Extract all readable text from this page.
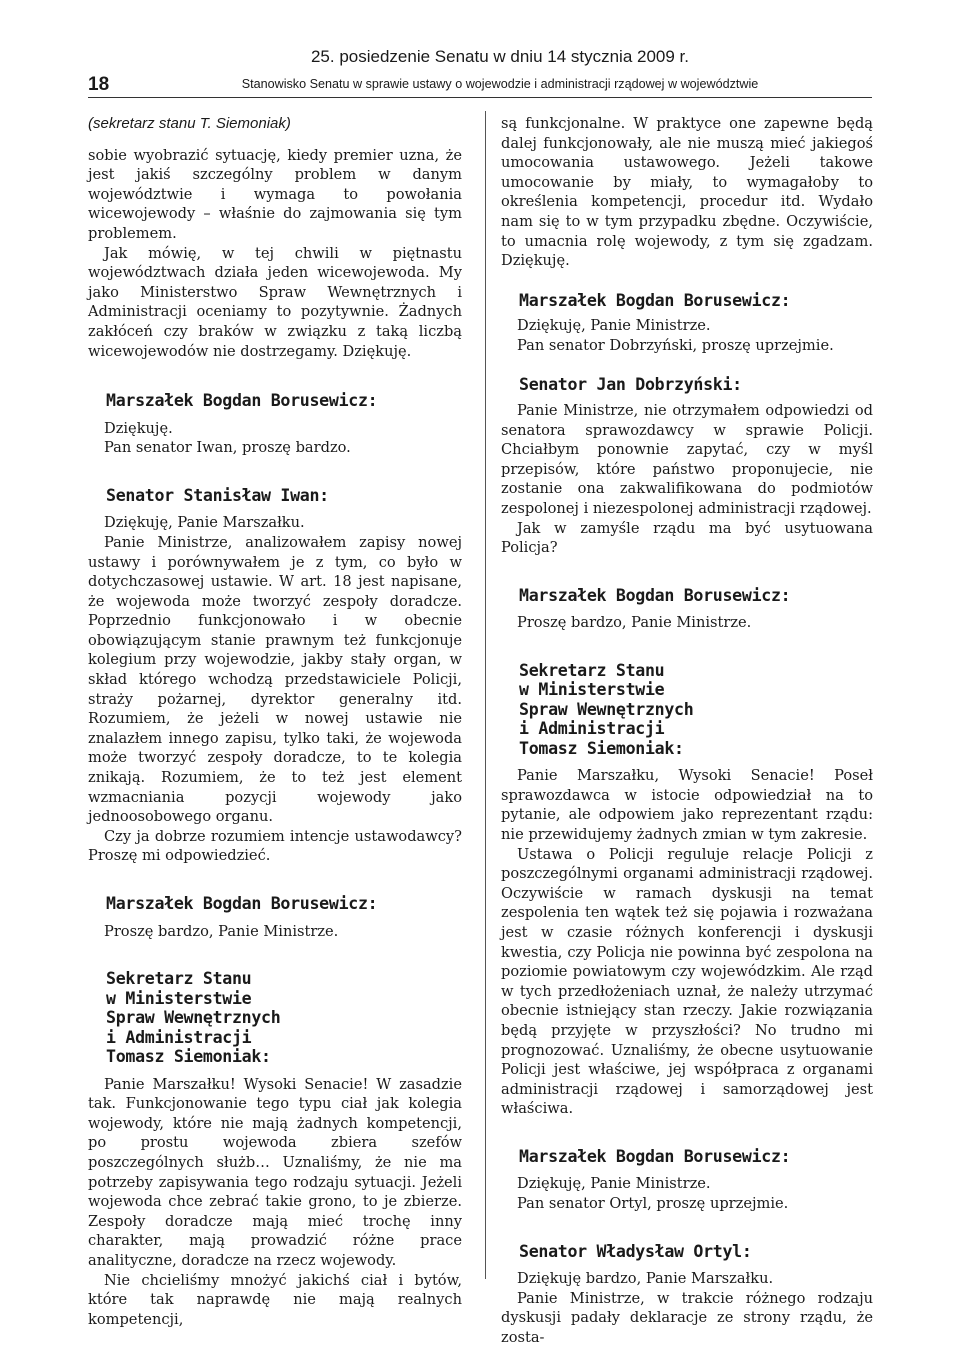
18
25. posiedzenie Senatu w dniu 14 stycznia 2009 r.
Stanowisko Senatu w sprawie ustawy o wojewodzie i administracji rządowej w województwie

(sekretarz stanu T. Siemoniak)

sobie wyobrazić sytuację, kiedy premier uzna, że jest jakiś szczególny problem w danym województwie i wymaga to powołania wicewojewody – właśnie do zajmowania się tym problemem.

Jak mówię, w tej chwili w piętnastu województwach działa jeden wicewojewoda. My jako Ministerstwo Spraw Wewnętrznych i Administracji oceniamy to pozytywnie. Żadnych zakłóceń czy braków w związku z taką liczbą wicewojewodów nie dostrzegamy. Dziękuję.

Marszałek Bogdan Borusewicz:

Dziękuję.

Pan senator Iwan, proszę bardzo.

Senator Stanisław Iwan:

Dziękuję, Panie Marszałku.

Panie Ministrze, analizowałem zapisy nowej ustawy i porównywałem je z tym, co było w dotychczasowej ustawie. W art. 18 jest napisane, że wojewoda może tworzyć zespoły doradcze. Poprzednio funkcjonowało i w obecnie obowiązującym stanie prawnym też funkcjonuje kolegium przy wojewodzie, jakby stały organ, w skład którego wchodzą przedstawiciele Policji, straży pożarnej, dyrektor generalny itd. Rozumiem, że jeżeli w nowej ustawie nie znalazłem innego zapisu, tylko taki, że wojewoda może tworzyć zespoły doradcze, to te kolegia znikają. Rozumiem, że to też jest element wzmacniania pozycji wojewody jako jednoosobowego organu.

Czy ja dobrze rozumiem intencje ustawodawcy? Proszę mi odpowiedzieć.

Marszałek Bogdan Borusewicz:

Proszę bardzo, Panie Ministrze.

Sekretarz Stanu

w Ministerstwie

Spraw Wewnętrznych

i Administracji

Tomasz Siemoniak:

Panie Marszałku! Wysoki Senacie! W zasadzie tak. Funkcjonowanie tego typu ciał jak kolegia wojewody, które nie mają żadnych kompetencji, po prostu wojewoda zbiera szefów poszczególnych służb… Uznaliśmy, że nie ma potrzeby zapisywania tego rodzaju sytuacji. Jeżeli wojewoda chce zebrać takie grono, to je zbierze. Zespoły doradcze mają mieć trochę inny charakter, mają prowadzić różne prace analityczne, doradcze na rzecz wojewody.

Nie chcieliśmy mnożyć jakichś ciał i bytów, które tak naprawdę nie mają realnych kompetencji,

są funkcjonalne. W praktyce one zapewne będą dalej funkcjonowały, ale nie muszą mieć jakiegoś umocowania ustawowego. Jeżeli takowe umocowanie by miały, to wymagałoby to określenia kompetencji, procedur itd. Wydało nam się to w tym przypadku zbędne. Oczywiście, to umacnia rolę wojewody, z tym się zgadzam. Dziękuję.

Marszałek Bogdan Borusewicz:

Dziękuję, Panie Ministrze.

Pan senator Dobrzyński, proszę uprzejmie.

Senator Jan Dobrzyński:

Panie Ministrze, nie otrzymałem odpowiedzi od senatora sprawozdawcy w sprawie Policji. Chciałbym ponownie zapytać, czy w myśl przepisów, które państwo proponujecie, nie zostanie ona zakwalifikowana do podmiotów zespolonej i niezespolonej administracji rządowej.

Jak w zamyśle rządu ma być usytuowana Policja?

Marszałek Bogdan Borusewicz:

Proszę bardzo, Panie Ministrze.

Sekretarz Stanu

w Ministerstwie

Spraw Wewnętrznych

i Administracji

Tomasz Siemoniak:

Panie Marszałku, Wysoki Senacie! Poseł sprawozdawca w istocie odpowiedział na to pytanie, ale odpowiem jako reprezentant rządu: nie przewidujemy żadnych zmian w tym zakresie.

Ustawa o Policji reguluje relacje Policji z poszczególnymi organami administracji rządowej. Oczywiście w ramach dyskusji na temat zespolenia ten wątek też się pojawia i rozważana jest w czasie różnych konferencji i dyskusji kwestia, czy Policja nie powinna być zespolona na poziomie powiatowym czy wojewódzkim. Ale rząd w tych przedłożeniach uznał, że należy utrzymać obecnie istniejący stan rzeczy. Jakie rozwiązania będą przyjęte w przyszłości? No trudno mi prognozować. Uznaliśmy, że obecne usytuowanie Policji jest właściwe, jej współpraca z organami administracji rządowej i samorządowej jest właściwa.

Marszałek Bogdan Borusewicz:

Dziękuję, Panie Ministrze.

Pan senator Ortyl, proszę uprzejmie.

Senator Władysław Ortyl:

Dziękuję bardzo, Panie Marszałku.

Panie Ministrze, w trakcie różnego rodzaju dyskusji padały deklaracje ze strony rządu, że zosta-
